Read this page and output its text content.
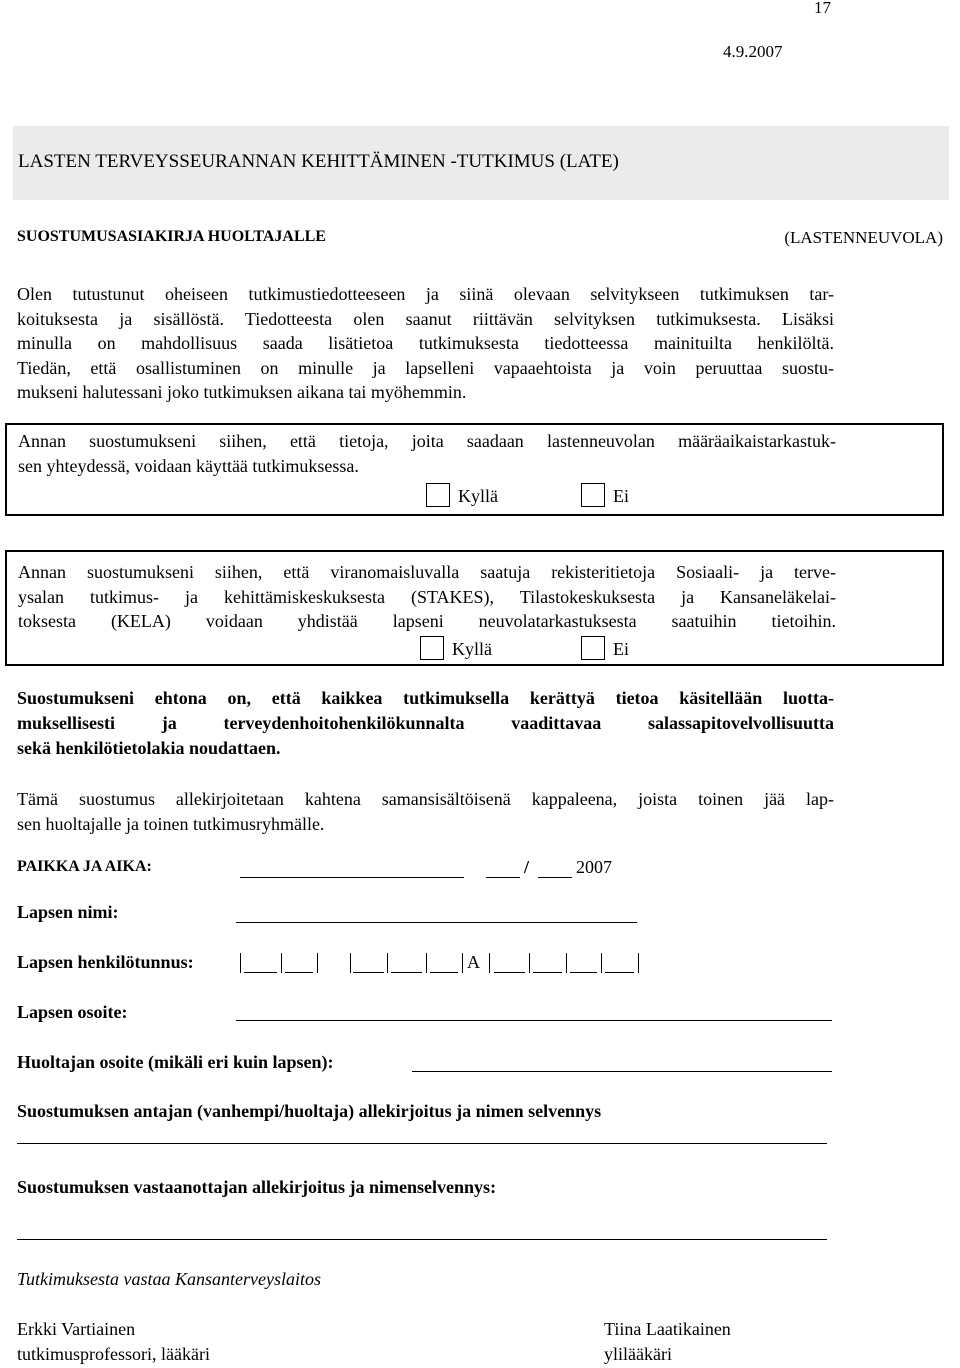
17
4.9.2007
LASTEN TERVEYSSEURANNAN KEHITTÄMINEN -TUTKIMUS (LATE)
SUOSTUMUSASIAKIRJA HUOLTAJALLE	(LASTENNEUVOLA)

Olen tutustunut oheiseen tutkimustiedotteeseen ja siinä olevaan selvitykseen tutkimuksen tar-

koituksesta ja sisällöstä. Tiedotteesta olen saanut riittävän selvityksen tutkimuksesta. Lisäksi

minulla on mahdollisuus saada lisätietoa tutkimuksesta tiedotteessa mainituilta henkilöltä.

Tiedän, että osallistuminen on minulle ja lapselleni vapaaehtoista ja voin peruuttaa suostu-

mukseni halutessani joko tutkimuksen aikana tai myöhemmin.

Annan suostumukseni siihen, että tietoja, joita saadaan lastenneuvolan määräaikaistarkastuk-
sen yhteydessä, voidaan käyttää tutkimuksessa.
Kyllä	Ei
Annan suostumukseni siihen, että viranomaisluvalla saatuja rekisteritietoja Sosiaali- ja terve-
ysalan tutkimus- ja kehittämiskeskuksesta (STAKES), Tilastokeskuksesta ja Kansaneläkelai-
toksesta (KELA) voidaan yhdistää lapseni neuvolatarkastuksesta saatuihin tietoihin.
Kyllä	Ei
Suostumukseni ehtona on, että kaikkea tutkimuksella kerättyä tietoa käsitellään luotta-
muksellisesti ja terveydenhoitohenkilökunnalta vaadittavaa salassapitovelvollisuutta
sekä henkilötietolakia noudattaen.
Tämä suostumus allekirjoitetaan kahtena samansisältöisenä kappaleena, joista toinen jää lap-
sen huoltajalle ja toinen tutkimusryhmälle.
PAIKKA JA AIKA:	/	2007
Lapsen nimi:
Lapsen henkilötunnus:	A
Lapsen osoite:
Huoltajan osoite (mikäli eri kuin lapsen):
Suostumuksen antajan (vanhempi/huoltaja) allekirjoitus ja nimen selvennys
Suostumuksen vastaanottajan allekirjoitus ja nimenselvennys:
Tutkimuksesta vastaa Kansanterveyslaitos
Erkki Vartiainen
tutkimusprofessori, lääkäri
Tiina Laatikainen
ylilääkäri
